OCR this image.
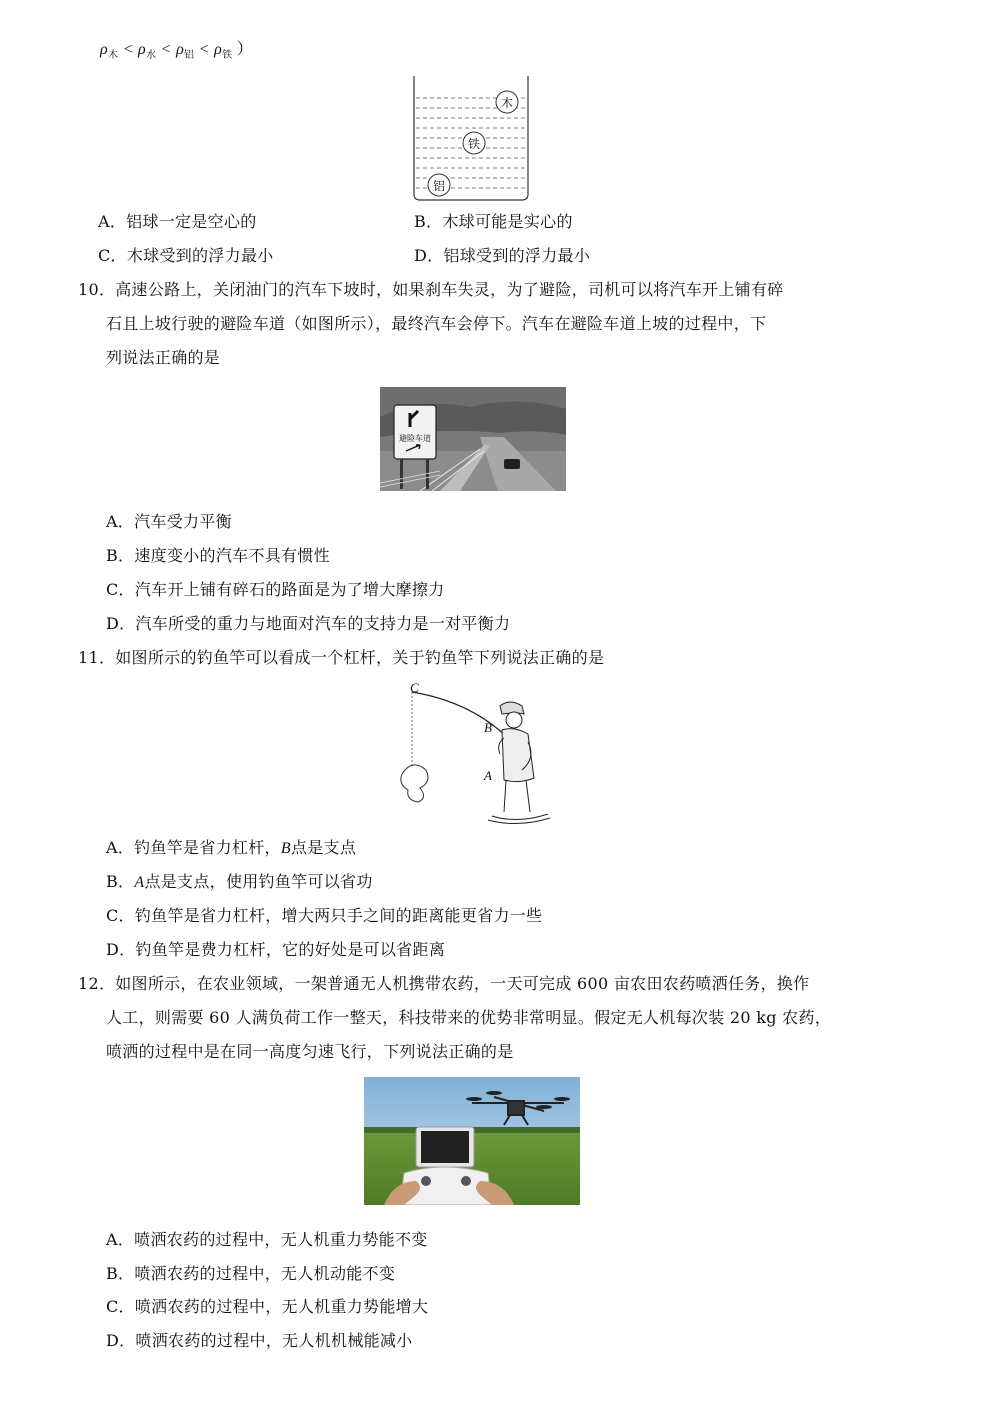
$\rho_木 < \rho_水 < \rho_铝 < \rho_铁$ ）
木
铁
铝
A．铝球一定是空心的	B．木球可能是实心的
C．木球受到的浮力最小	D．铝球受到的浮力最小
10．高速公路上，关闭油门的汽车下坡时，如果刹车失灵，为了避险，司机可以将汽车开上铺有碎
石且上坡行驶的避险车道（如图所示），最终汽车会停下。汽车在避险车道上坡的过程中，下
列说法正确的是
避险车道
A．汽车受力平衡
B．速度变小的汽车不具有惯性
C．汽车开上铺有碎石的路面是为了增大摩擦力
D．汽车所受的重力与地面对汽车的支持力是一对平衡力
11．如图所示的钓鱼竿可以看成一个杠杆，关于钓鱼竿下列说法正确的是
C
B
A
A．钓鱼竿是省力杠杆，B点是支点
B．A点是支点，使用钓鱼竿可以省功
C．钓鱼竿是省力杠杆，增大两只手之间的距离能更省力一些
D．钓鱼竿是费力杠杆，它的好处是可以省距离
12．如图所示，在农业领域，一架普通无人机携带农药，一天可完成 600 亩农田农药喷洒任务，换作
人工，则需要 60 人满负荷工作一整天，科技带来的优势非常明显。假定无人机每次装 20 kg 农药，
喷洒的过程中是在同一高度匀速飞行，下列说法正确的是
A．喷洒农药的过程中，无人机重力势能不变
B．喷洒农药的过程中，无人机动能不变
C．喷洒农药的过程中，无人机重力势能增大
D．喷洒农药的过程中，无人机机械能减小
